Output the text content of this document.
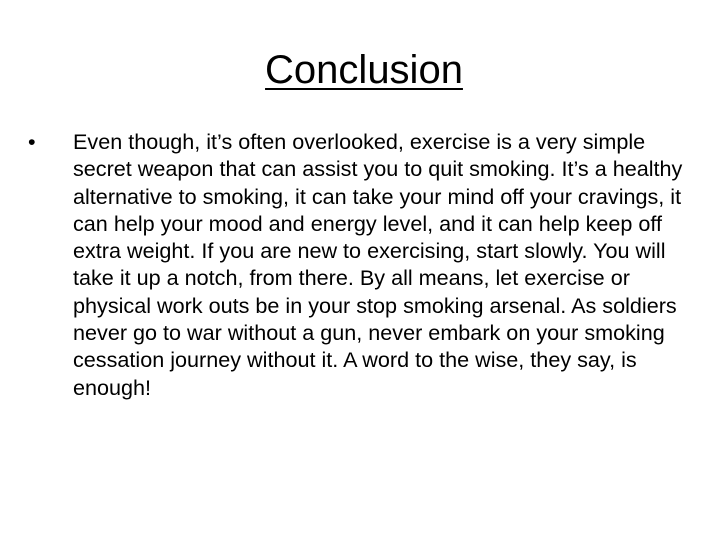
Conclusion
•	Even though, it’s often overlooked, exercise is a very simple secret weapon that can assist you to quit smoking. It’s a healthy alternative to smoking, it can take your mind off your cravings, it can help your mood and energy level, and it can help keep off extra weight. If you are new to exercising, start slowly. You will take it up a notch, from there. By all means, let exercise or physical work outs be in your stop smoking arsenal. As soldiers never go to war without a gun, never embark on your smoking cessation journey without it. A word to the wise, they say, is enough!
